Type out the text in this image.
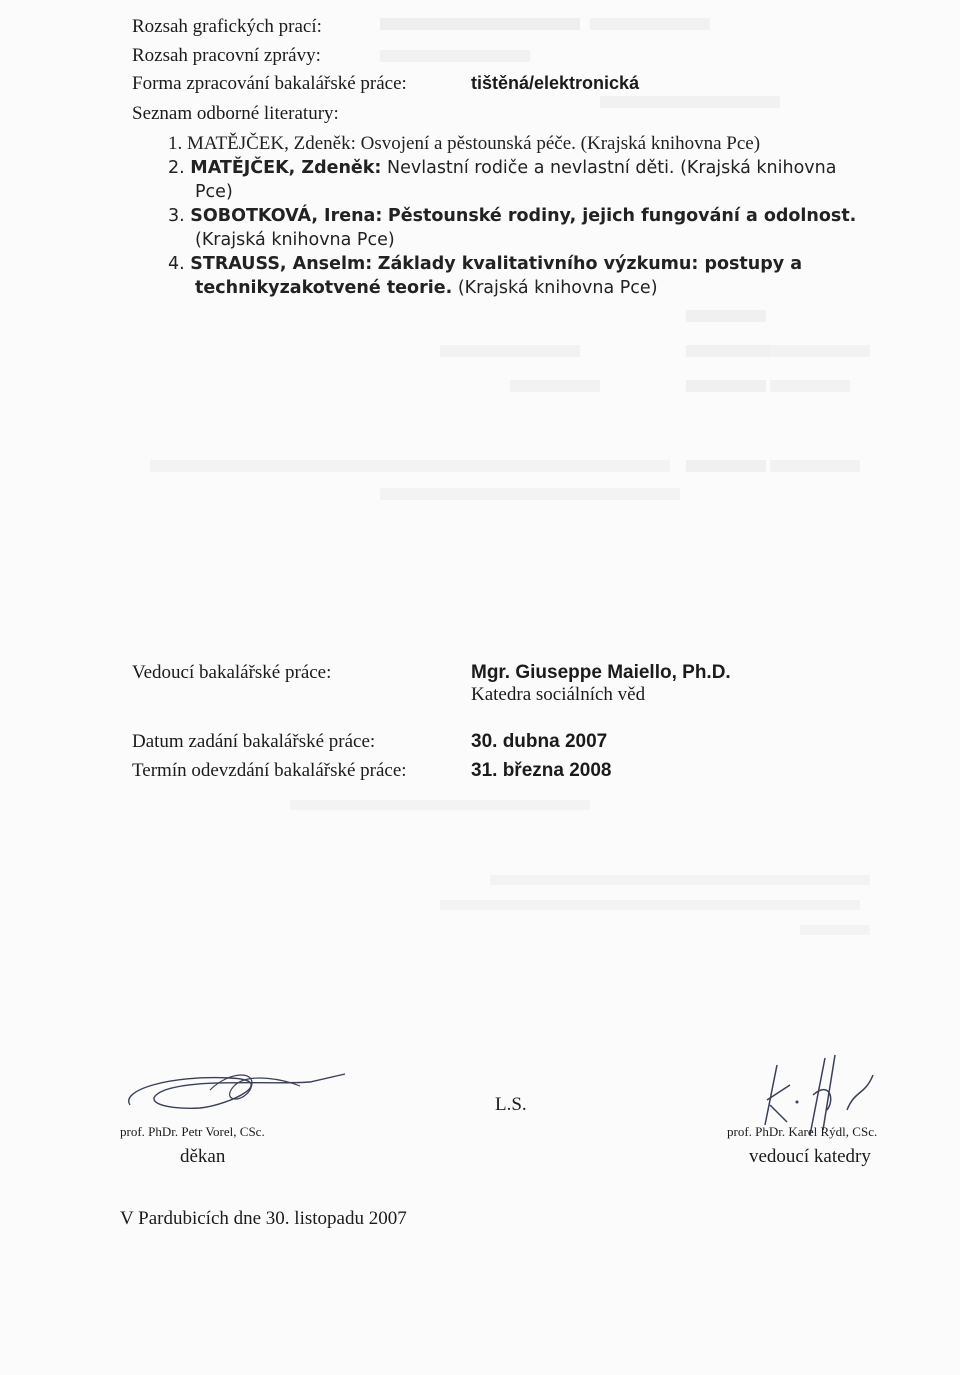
Rozsah grafických prací:
Rozsah pracovní zprávy:
Forma zpracování bakalářské práce:	tištěná/elektronická
Seznam odborné literatury:
1. MATĚJČEK, Zdeněk: Osvojení a pěstounská péče. (Krajská knihovna Pce)
2. MATĚJČEK, Zdeněk: Nevlastní rodiče a nevlastní děti. (Krajská knihovna Pce)
3. SOBOTKOVÁ, Irena: Pěstounské rodiny, jejich fungování a odolnost. (Krajská knihovna Pce)
4. STRAUSS, Anselm: Základy kvalitativního výzkumu: postupy a technikyzakotvené teorie. (Krajská knihovna Pce)
Vedoucí bakalářské práce:	Mgr. Giuseppe Maiello, Ph.D.
Katedra sociálních věd
Datum zadání bakalářské práce:	30. dubna 2007
Termín odevzdání bakalářské práce:	31. března 2008
prof. PhDr. Petr Vorel, CSc.
děkan
L.S.
prof. PhDr. Karel Rýdl, CSc.
vedoucí katedry
V Pardubicích dne 30. listopadu 2007
